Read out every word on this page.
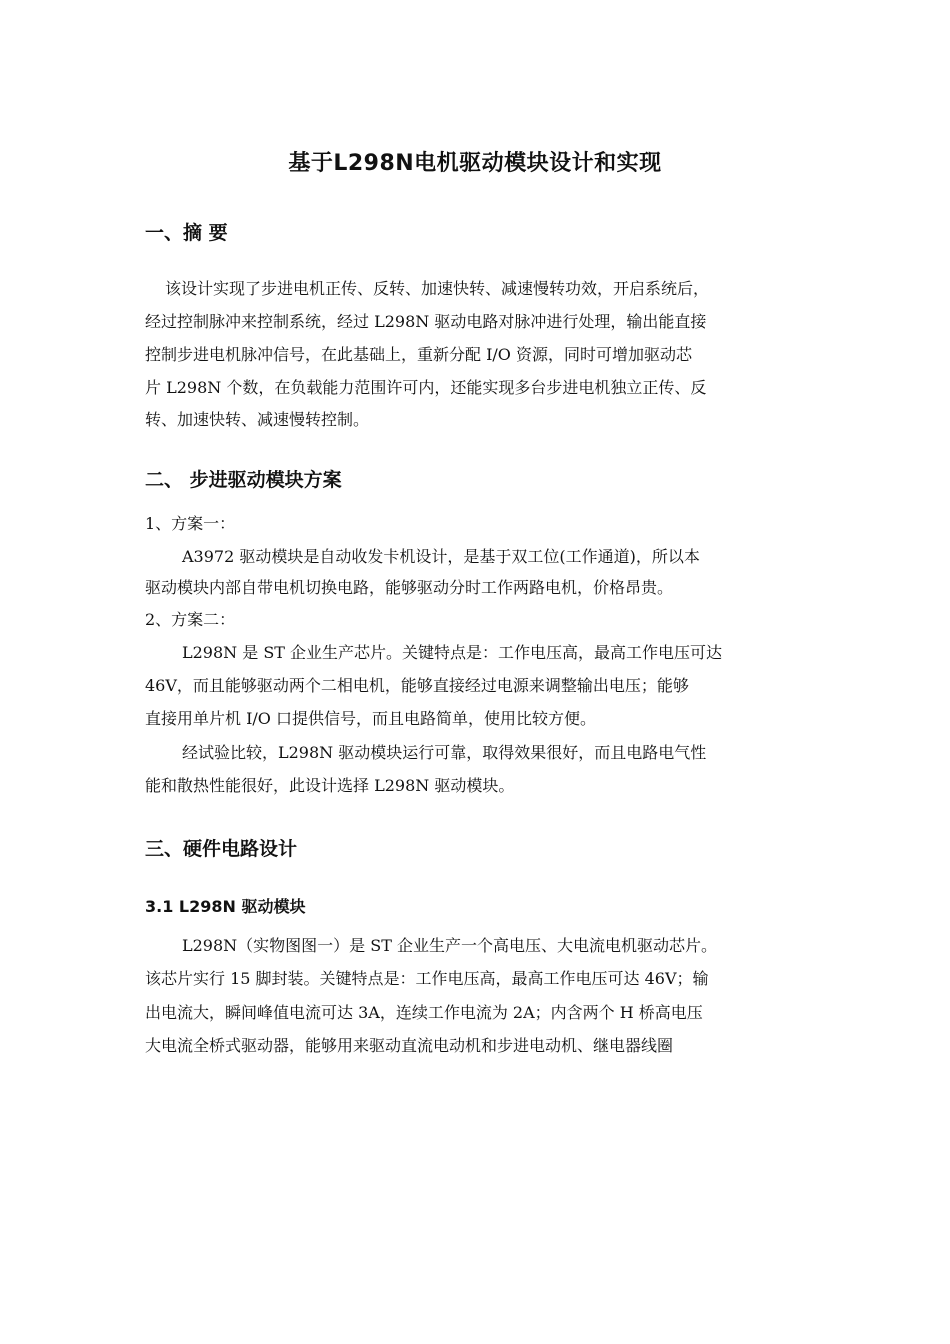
基于L298N电机驱动模块设计和实现
一、摘 要
该设计实现了步进电机正传、反转、加速快转、减速慢转功效，开启系统后，
经过控制脉冲来控制系统，经过 L298N 驱动电路对脉冲进行处理，输出能直接
控制步进电机脉冲信号，在此基础上，重新分配 I/O 资源，同时可增加驱动芯
片 L298N 个数，在负载能力范围许可内，还能实现多台步进电机独立正传、反
转、加速快转、减速慢转控制。
二、 步进驱动模块方案
1、方案一：
A3972 驱动模块是自动收发卡机设计，是基于双工位(工作通道)，所以本
驱动模块内部自带电机切换电路，能够驱动分时工作两路电机，价格昂贵。
2、方案二：
L298N 是 ST 企业生产芯片。关键特点是：工作电压高，最高工作电压可达
46V，而且能够驱动两个二相电机，能够直接经过电源来调整输出电压；能够
直接用单片机 I/O 口提供信号，而且电路简单，使用比较方便。
经试验比较，L298N 驱动模块运行可靠，取得效果很好，而且电路电气性
能和散热性能很好，此设计选择 L298N 驱动模块。
三、硬件电路设计
3.1 L298N 驱动模块
L298N（实物图图一）是 ST 企业生产一个高电压、大电流电机驱动芯片。
该芯片实行 15 脚封装。关键特点是：工作电压高，最高工作电压可达 46V；输
出电流大，瞬间峰值电流可达 3A，连续工作电流为 2A；内含两个 H 桥高电压
大电流全桥式驱动器，能够用来驱动直流电动机和步进电动机、继电器线圈
